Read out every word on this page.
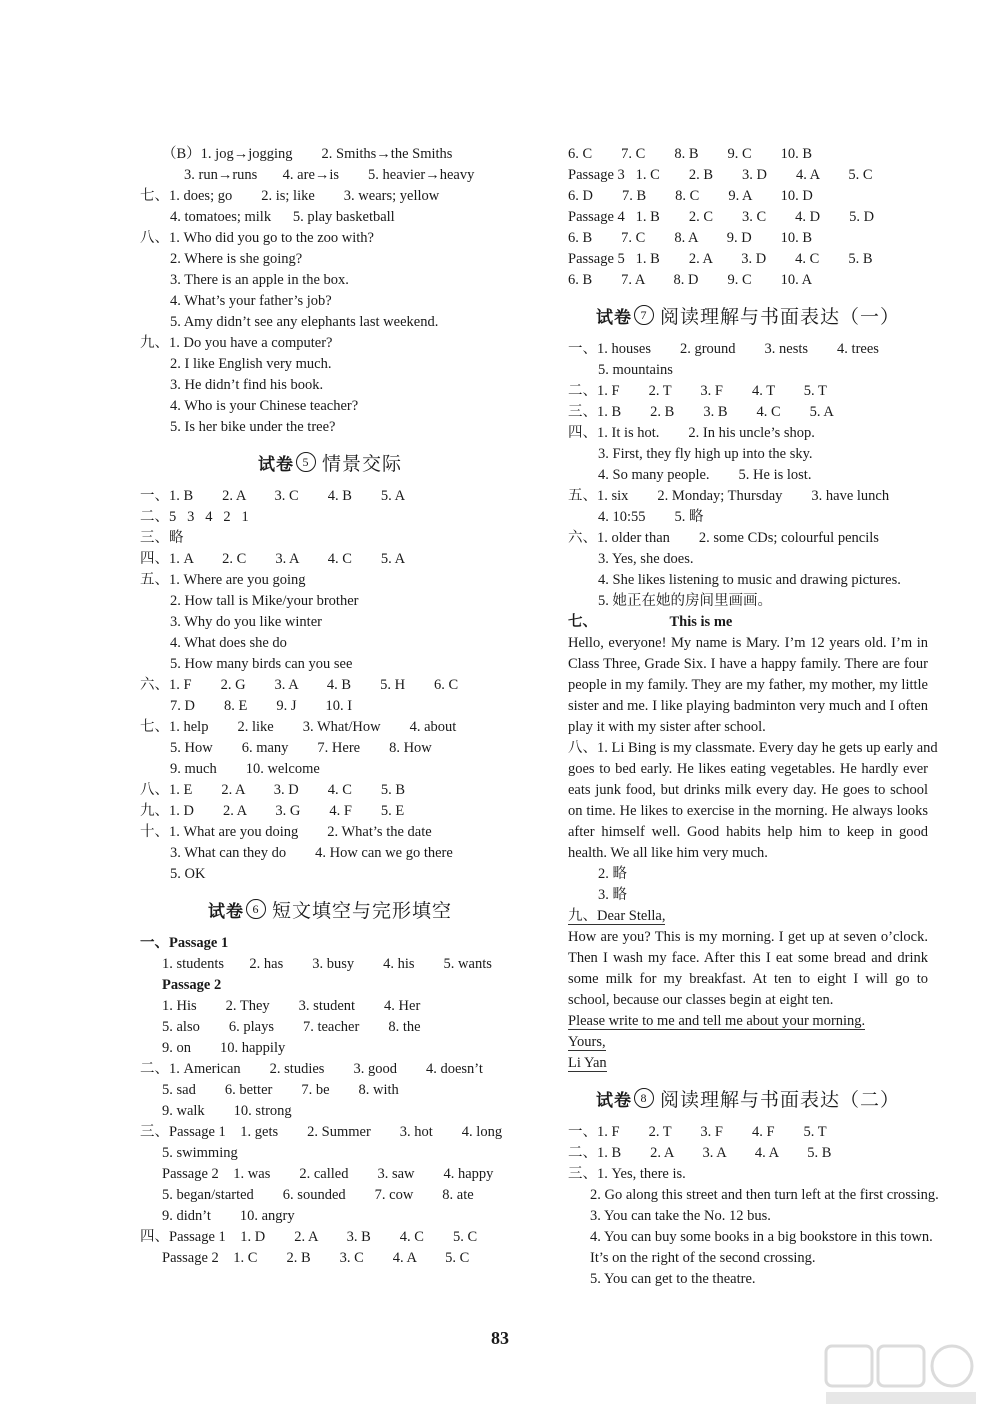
（B）1. jog→jogging        2. Smiths→the Smiths
3. run→runs       4. are→is        5. heavier→heavy
七、1. does; go        2. is; like        3. wears; yellow
4. tomatoes; milk      5. play basketball
八、1. Who did you go to the zoo with?
2. Where is she going?
3. There is an apple in the box.
4. What’s your father’s job?
5. Amy didn’t see any elephants last weekend.
九、1. Do you have a computer?
2. I like English very much.
3. He didn’t find his book.
4. Who is your Chinese teacher?
5. Is her bike under the tree?
试卷 5 情景交际
一、1. B        2. A        3. C        4. B        5. A
二、5   3   4   2   1
三、略
四、1. A        2. C        3. A        4. C        5. A
五、1. Where are you going
2. How tall is Mike/your brother
3. Why do you like winter
4. What does she do
5. How many birds can you see
六、1. F        2. G        3. A        4. B        5. H        6. C
7. D        8. E        9. J        10. I
七、1. help        2. like        3. What/How        4. about
5. How        6. many        7. Here        8. How
9. much        10. welcome
八、1. E        2. A        3. D        4. C        5. B
九、1. D        2. A        3. G        4. F        5. E
十、1. What are you doing        2. What’s the date
3. What can they do        4. How can we go there
5. OK
试卷 6 短文填空与完形填空
一、Passage 1
1. students       2. has        3. busy        4. his        5. wants
Passage 2
1. His        2. They        3. student        4. Her
5. also        6. plays        7. teacher        8. the
9. on        10. happily
二、1. American        2. studies        3. good        4. doesn’t
5. sad        6. better        7. be        8. with
9. walk        10. strong
三、Passage 1    1. gets        2. Summer        3. hot        4. long
5. swimming
Passage 2    1. was        2. called        3. saw        4. happy
5. began/started        6. sounded        7. cow        8. ate
9. didn’t        10. angry
四、Passage 1    1. D        2. A        3. B        4. C        5. C
Passage 2    1. C        2. B        3. C        4. A        5. C
6. C        7. C        8. B        9. C        10. B
Passage 3   1. C        2. B        3. D        4. A        5. C
6. D        7. B        8. C        9. A        10. D
Passage 4   1. B        2. C        3. C        4. D        5. D
6. B        7. C        8. A        9. D        10. B
Passage 5   1. B        2. A        3. D        4. C        5. B
6. B        7. A        8. D        9. C        10. A
试卷 7 阅读理解与书面表达（一）
一、1. houses        2. ground        3. nests        4. trees
5. mountains
二、1. F        2. T        3. F        4. T        5. T
三、1. B        2. B        3. B        4. C        5. A
四、1. It is hot.        2. In his uncle’s shop.
3. First, they fly high up into the sky.
4. So many people.        5. He is lost.
五、1. six        2. Monday; Thursday        3. have lunch
4. 10:55        5. 略
六、1. older than        2. some CDs; colourful pencils
3. Yes, she does.
4. She likes listening to music and drawing pictures.
5. 她正在她的房间里画画。
七、                    This is me
Hello, everyone! My name is Mary. I’m 12 years old. I’m in Class Three, Grade Six. I have a happy family. There are four people in my family. They are my father, my mother, my little sister and me. I like playing badminton very much and I often play it with my sister after school.
八、1. Li Bing is my classmate. Every day he gets up early and
goes to bed early. He likes eating vegetables. He hardly ever eats junk food, but drinks milk every day. He goes to school on time. He likes to exercise in the morning. He always looks after himself well. Good habits help him to keep in good health. We all like him very much.
2. 略
3. 略
九、Dear Stella,
How are you? This is my morning. I get up at seven o’clock. Then I wash my face. After this I eat some bread and drink some milk for my breakfast. At ten to eight I will go to school, because our classes begin at eight ten.
Please write to me and tell me about your morning.
Yours,
Li Yan
试卷 8 阅读理解与书面表达（二）
一、1. F        2. T        3. F        4. F        5. T
二、1. B        2. A        3. A        4. A        5. B
三、1. Yes, there is.
2. Go along this street and then turn left at the first crossing.
3. You can take the No. 12 bus.
4. You can buy some books in a big bookstore in this town.
It’s on the right of the second crossing.
5. You can get to the theatre.
83
